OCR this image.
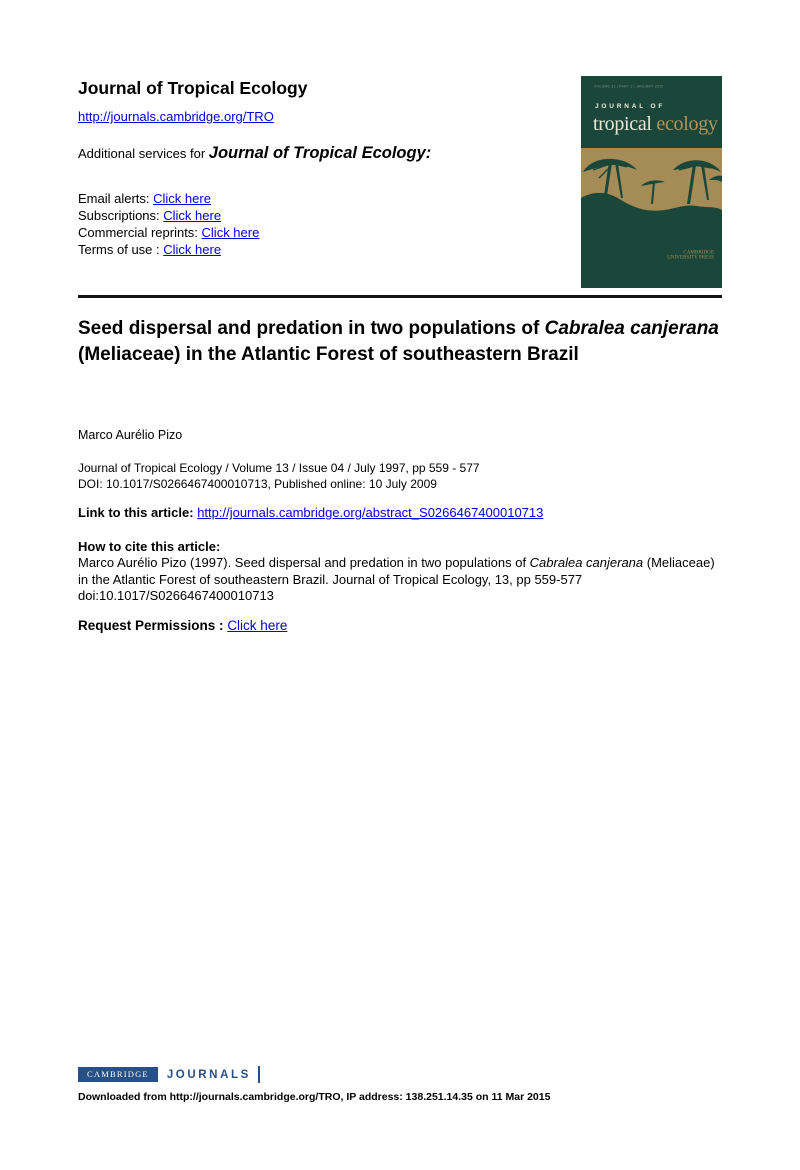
Journal of Tropical Ecology
http://journals.cambridge.org/TRO

Additional services for Journal of Tropical Ecology:

Email alerts: Click here
Subscriptions: Click here
Commercial reprints: Click here
Terms of use : Click here
VOLUME 31 | PART 1 | JANUARY 2015
JOURNAL OF
tropical ecology
CAMBRIDGE
UNIVERSITY PRESS
Seed dispersal and predation in two populations of Cabralea canjerana (Meliaceae) in the Atlantic Forest of southeastern Brazil
Marco Aurélio Pizo
Journal of Tropical Ecology / Volume 13 / Issue 04 / July 1997, pp 559 - 577
DOI: 10.1017/S0266467400010713, Published online: 10 July 2009
Link to this article: http://journals.cambridge.org/abstract_S0266467400010713
How to cite this article:
Marco Aurélio Pizo (1997). Seed dispersal and predation in two populations of Cabralea canjerana (Meliaceae) in the Atlantic Forest of southeastern Brazil. Journal of Tropical Ecology, 13, pp 559-577 doi:10.1017/S0266467400010713
Request Permissions : Click here
CAMBRIDGE	JOURNALS
Downloaded from http://journals.cambridge.org/TRO, IP address: 138.251.14.35 on 11 Mar 2015
